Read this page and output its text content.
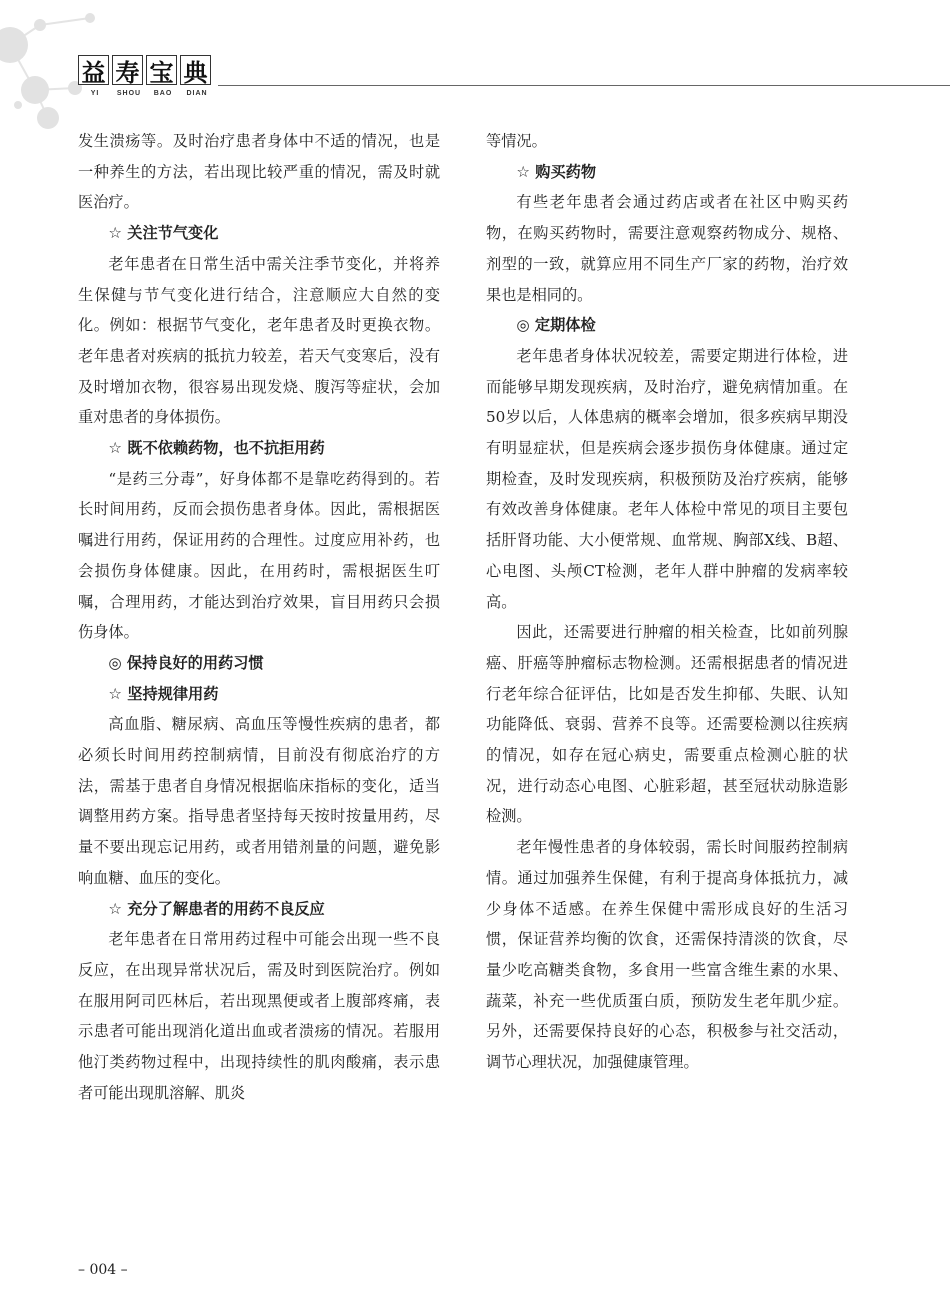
益 寿 宝 典
YI	SHOU	BAO	DIAN

发生溃疡等。及时治疗患者身体中不适的情况，也是一种养生的方法，若出现比较严重的情况，需及时就医治疗。

☆ 关注节气变化

老年患者在日常生活中需关注季节变化，并将养生保健与节气变化进行结合，注意顺应大自然的变化。例如：根据节气变化，老年患者及时更换衣物。老年患者对疾病的抵抗力较差，若天气变寒后，没有及时增加衣物，很容易出现发烧、腹泻等症状，会加重对患者的身体损伤。

☆ 既不依赖药物，也不抗拒用药

“是药三分毒”，好身体都不是靠吃药得到的。若长时间用药，反而会损伤患者身体。因此，需根据医嘱进行用药，保证用药的合理性。过度应用补药，也会损伤身体健康。因此，在用药时，需根据医生叮嘱，合理用药，才能达到治疗效果，盲目用药只会损伤身体。

◎ 保持良好的用药习惯
☆ 坚持规律用药

高血脂、糖尿病、高血压等慢性疾病的患者，都必须长时间用药控制病情，目前没有彻底治疗的方法，需基于患者自身情况根据临床指标的变化，适当调整用药方案。指导患者坚持每天按时按量用药，尽量不要出现忘记用药，或者用错剂量的问题，避免影响血糖、血压的变化。

☆ 充分了解患者的用药不良反应

老年患者在日常用药过程中可能会出现一些不良反应，在出现异常状况后，需及时到医院治疗。例如在服用阿司匹林后，若出现黑便或者上腹部疼痛，表示患者可能出现消化道出血或者溃疡的情况。若服用他汀类药物过程中，出现持续性的肌肉酸痛，表示患者可能出现肌溶解、肌炎

等情况。

☆ 购买药物

有些老年患者会通过药店或者在社区中购买药物，在购买药物时，需要注意观察药物成分、规格、剂型的一致，就算应用不同生产厂家的药物，治疗效果也是相同的。

◎ 定期体检

老年患者身体状况较差，需要定期进行体检，进而能够早期发现疾病，及时治疗，避免病情加重。在50岁以后，人体患病的概率会增加，很多疾病早期没有明显症状，但是疾病会逐步损伤身体健康。通过定期检查，及时发现疾病，积极预防及治疗疾病，能够有效改善身体健康。老年人体检中常见的项目主要包括肝肾功能、大小便常规、血常规、胸部X线、B超、心电图、头颅CT检测，老年人群中肿瘤的发病率较高。

因此，还需要进行肿瘤的相关检查，比如前列腺癌、肝癌等肿瘤标志物检测。还需根据患者的情况进行老年综合征评估，比如是否发生抑郁、失眠、认知功能降低、衰弱、营养不良等。还需要检测以往疾病的情况，如存在冠心病史，需要重点检测心脏的状况，进行动态心电图、心脏彩超，甚至冠状动脉造影检测。

老年慢性患者的身体较弱，需长时间服药控制病情。通过加强养生保健，有利于提高身体抵抗力，减少身体不适感。在养生保健中需形成良好的生活习惯，保证营养均衡的饮食，还需保持清淡的饮食，尽量少吃高糖类食物，多食用一些富含维生素的水果、蔬菜，补充一些优质蛋白质，预防发生老年肌少症。另外，还需要保持良好的心态，积极参与社交活动，调节心理状况，加强健康管理。

– 004 –
